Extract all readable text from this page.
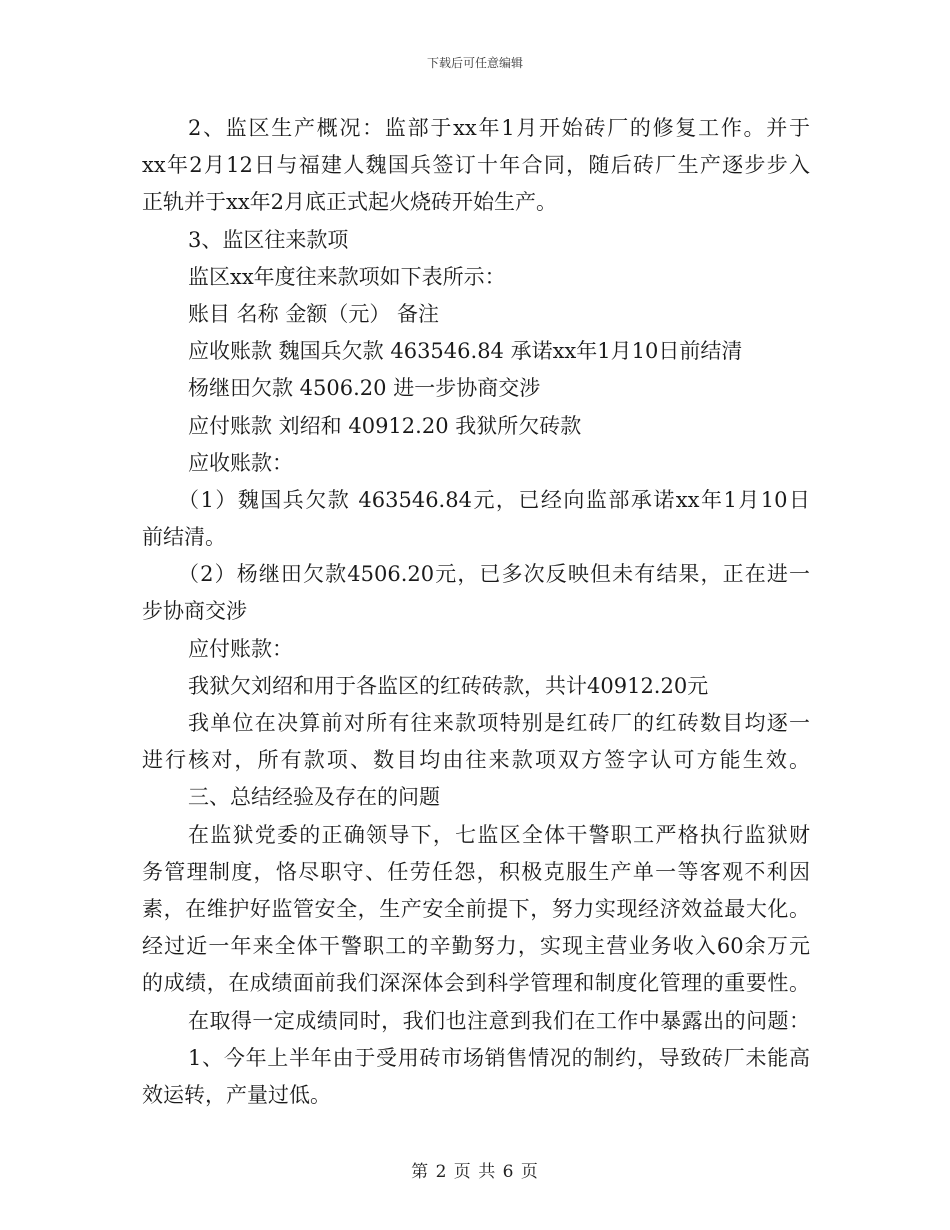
下载后可任意编辑
2、监区生产概况：监部于xx年1月开始砖厂的修复工作。并于
xx年2月12日与福建人魏国兵签订十年合同，随后砖厂生产逐步步入
正轨并于xx年2月底正式起火烧砖开始生产。
3、监区往来款项
监区xx年度往来款项如下表所示：
账目 名称 金额（元） 备注
应收账款 魏国兵欠款 463546.84 承诺xx年1月10日前结清
杨继田欠款 4506.20 进一步协商交涉
应付账款 刘绍和 40912.20 我狱所欠砖款
应收账款：
（1）魏国兵欠款 463546.84元，已经向监部承诺xx年1月10日
前结清。
（2）杨继田欠款4506.20元，已多次反映但未有结果，正在进一
步协商交涉
应付账款：
我狱欠刘绍和用于各监区的红砖砖款，共计40912.20元
我单位在决算前对所有往来款项特别是红砖厂的红砖数目均逐一
进行核对，所有款项、数目均由往来款项双方签字认可方能生效。
三、总结经验及存在的问题
在监狱党委的正确领导下，七监区全体干警职工严格执行监狱财
务管理制度，恪尽职守、任劳任怨，积极克服生产单一等客观不利因
素，在维护好监管安全，生产安全前提下，努力实现经济效益最大化。
经过近一年来全体干警职工的辛勤努力，实现主营业务收入60余万元
的成绩，在成绩面前我们深深体会到科学管理和制度化管理的重要性。
在取得一定成绩同时，我们也注意到我们在工作中暴露出的问题：
1、今年上半年由于受用砖市场销售情况的制约，导致砖厂未能高
效运转，产量过低。
第 2 页 共 6 页
